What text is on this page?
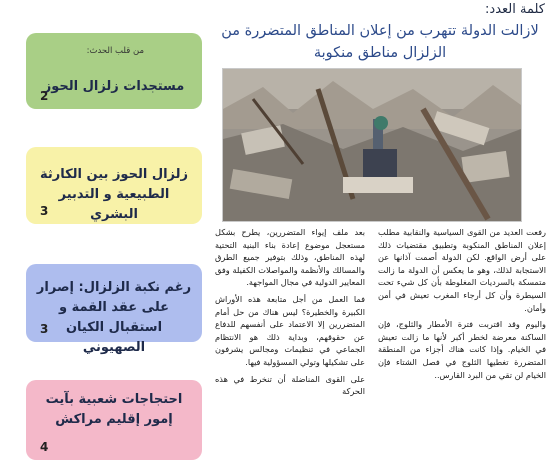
كلمة العدد:
لازالت الدولة تتهرب من إعلان المناطق المتضررة من الزلزال مناطق منكوبة

رفعت العديد من القوى السياسية والنقابية مطلب إعلان المناطق المنكوبة وتطبيق مقتضيات ذلك على أرض الواقع. لكن الدولة أصمت آذانها عن الاستجابة لذلك، وهو ما يعكس أن الدولة ما زالت متمسكة بالسرديات المغلوطة بأن كل شيء تحت السيطرة وأن كل أرجاء المغرب تعيش في أمن وأمان.

واليوم وقد اقتربت فترة الأمطار والثلوج، فإن الساكنة معرضة لخطر أكبر لأنها ما زالت تعيش في الخيام. وإذا كانت هناك أجزاء من المنطقة المتضررة تغطيها الثلوج في فصل الشتاء فإن الخيام لن تقي من البرد القارس..

بعد ملف إيواء المتضررين، يطرح بشكل مستعجل موضوع إعادة بناء البنية التحتية لهذه المناطق، وذلك بتوفير جميع الطرق والمسالك والأنظمة والمواصلات الكفيلة وفق المعايير الدولية في مجال المواجهة.

فما العمل من أجل متابعة هذه الأوراش الكبيرة والخطيرة؟ ليس هناك من حل أمام المتضررين إلا الاعتماد على أنفسهم للدفاع عن حقوقهم، وبداية ذلك هو الانتظام الجماعي في تنظيمات ومجالس يشرفون على تشكيلها وتولي المسؤولية فيها.

على القوى المناضلة أن تنخرط في هذه الحركة

من قلب الحدث:
مستجدات زلزال الحوز
2
زلزال الحوز بين الكارثة الطبيعية و التدبير البشري
3
رغم نكبة الزلزال: إصرار على عقد القمة و استقبال الكيان الصهيوني
3
احتجاجات شعبية بآيت إمور إقليم مراكش
4
